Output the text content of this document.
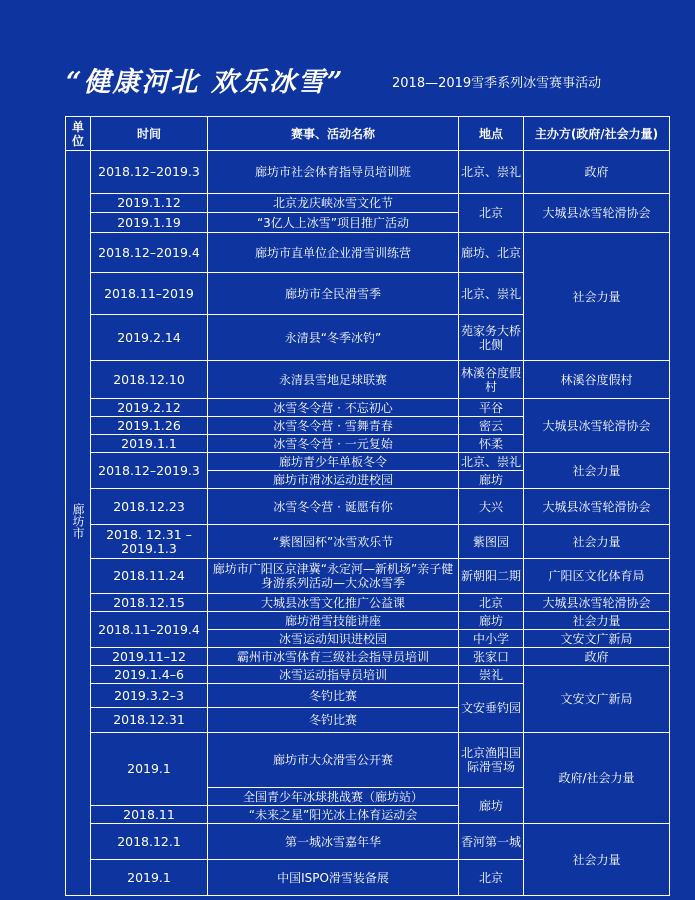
“健康河北 欢乐冰雪”	2018—2019雪季系列冰雪赛事活动
单位	时间	赛事、活动名称	地点	主办方(政府/社会力量)
廊坊市	2018.12–2019.3	廊坊市社会体育指导员培训班	北京、崇礼	政府
	2019.1.12	北京龙庆峡冰雪文化节	北京	大城县冰雪轮滑协会
	2019.1.19	“3亿人上冰雪”项目推广活动		
	2018.12–2019.4	廊坊市直单位企业滑雪训练营	廊坊、北京	社会力量
	2018.11–2019	廊坊市全民滑雪季	北京、崇礼	
	2019.2.14	永清县“冬季冰钓”	苑家务大桥北侧	
	2018.12.10	永清县雪地足球联赛	林溪谷度假村	林溪谷度假村
	2019.2.12	冰雪冬令营 · 不忘初心	平谷	大城县冰雪轮滑协会
	2019.1.26	冰雪冬令营 · 雪舞青春	密云	
	2019.1.1	冰雪冬令营 · 一元复始	怀柔	
	2018.12–2019.3	廊坊青少年单板冬令	北京、崇礼	社会力量
		廊坊市滑冰运动进校园	廊坊	
	2018.12.23	冰雪冬令营 · 诞愿有你	大兴	大城县冰雪轮滑协会
	2018. 12.31 – 2019.1.3	“紫图园杯”冰雪欢乐节	紫图园	社会力量
	2018.11.24	廊坊市广阳区京津冀“永定河—新机场”亲子健身游系列活动—大众冰雪季	新朝阳二期	广阳区文化体育局
	2018.12.15	大城县冰雪文化推广公益课	北京	大城县冰雪轮滑协会
	2018.11–2019.4	廊坊滑雪技能讲座	廊坊	社会力量
		冰雪运动知识进校园	中小学	文安文广新局
	2019.11–12	霸州市冰雪体育三级社会指导员培训	张家口	政府
	2019.1.4–6	冰雪运动指导员培训	崇礼	文安文广新局
	2019.3.2–3	冬钓比赛	文安垂钓园	
	2018.12.31	冬钓比赛		
	2019.1	廊坊市大众滑雪公开赛	北京渔阳国际滑雪场	政府/社会力量
		全国青少年冰球挑战赛（廊坊站）	廊坊	
	2018.11	“未来之星”阳光冰上体育运动会		
	2018.12.1	第一城冰雪嘉年华	香河第一城	社会力量
	2019.1	中国ISPO滑雪装备展	北京	
